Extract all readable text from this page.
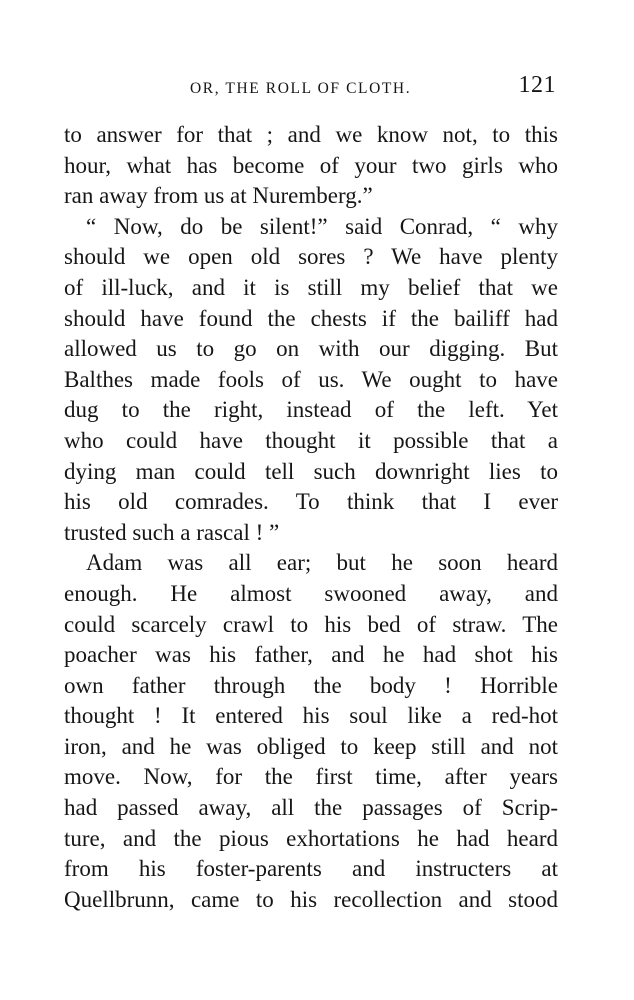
OR, THE ROLL OF CLOTH.	121
to answer for that ; and we know not, to this
hour, what has become of your two girls who
ran away from us at Nuremberg.”
“ Now, do be silent!” said Conrad, “ why
should we open old sores ? We have plenty
of ill-luck, and it is still my belief that we
should have found the chests if the bailiff had
allowed us to go on with our digging. But
Balthes made fools of us. We ought to have
dug to the right, instead of the left. Yet
who could have thought it possible that a
dying man could tell such downright lies to
his old comrades. To think that I ever
trusted such a rascal ! ”
Adam was all ear; but he soon heard
enough. He almost swooned away, and
could scarcely crawl to his bed of straw. The
poacher was his father, and he had shot his
own father through the body ! Horrible
thought ! It entered his soul like a red-hot
iron, and he was obliged to keep still and not
move. Now, for the first time, after years
had passed away, all the passages of Scrip-
ture, and the pious exhortations he had heard
from his foster-parents and instructers at
Quellbrunn, came to his recollection and stood
